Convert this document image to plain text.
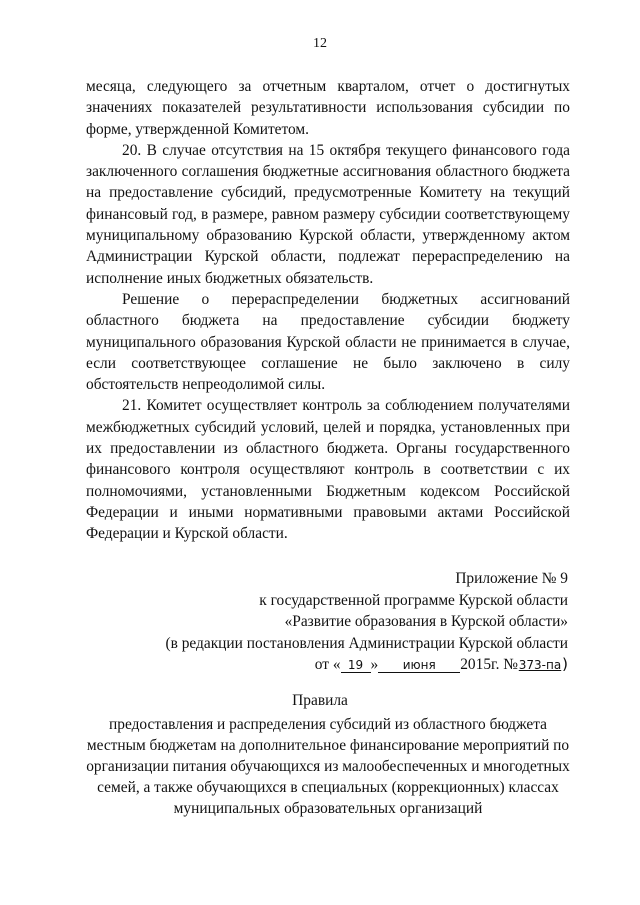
12

месяца, следующего за отчетным кварталом, отчет о достигнутых значениях показателей результативности использования субсидии по форме, утвержденной Комитетом.

20. В случае отсутствия на 15 октября текущего финансового года заключенного соглашения бюджетные ассигнования областного бюджета на предоставление субсидий, предусмотренные Комитету на текущий финансовый год, в размере, равном размеру субсидии соответствующему муниципальному образованию Курской области, утвержденному актом Администрации Курской области, подлежат перераспределению на исполнение иных бюджетных обязательств.

Решение о перераспределении бюджетных ассигнований областного бюджета на предоставление субсидии бюджету муниципального образования Курской области не принимается в случае, если соответствующее соглашение не было заключено в силу обстоятельств непреодолимой силы.

21. Комитет осуществляет контроль за соблюдением получателями межбюджетных субсидий условий, целей и порядка, установленных при их предоставлении из областного бюджета. Органы государственного финансового контроля осуществляют контроль в соответствии с их полномочиями, установленными Бюджетным кодексом Российской Федерации и иными нормативными правовыми актами Российской Федерации и Курской области.

Приложение № 9
к государственной программе Курской области
«Развитие образования в Курской области»
(в редакции постановления Администрации Курской области
от « 19 » июня 2015г. №373-па)
Правила
предоставления и распределения субсидий из областного бюджета
местным бюджетам на дополнительное финансирование мероприятий по
организации питания обучающихся из малообеспеченных и многодетных
семей, а также обучающихся в специальных (коррекционных) классах
муниципальных образовательных организаций
